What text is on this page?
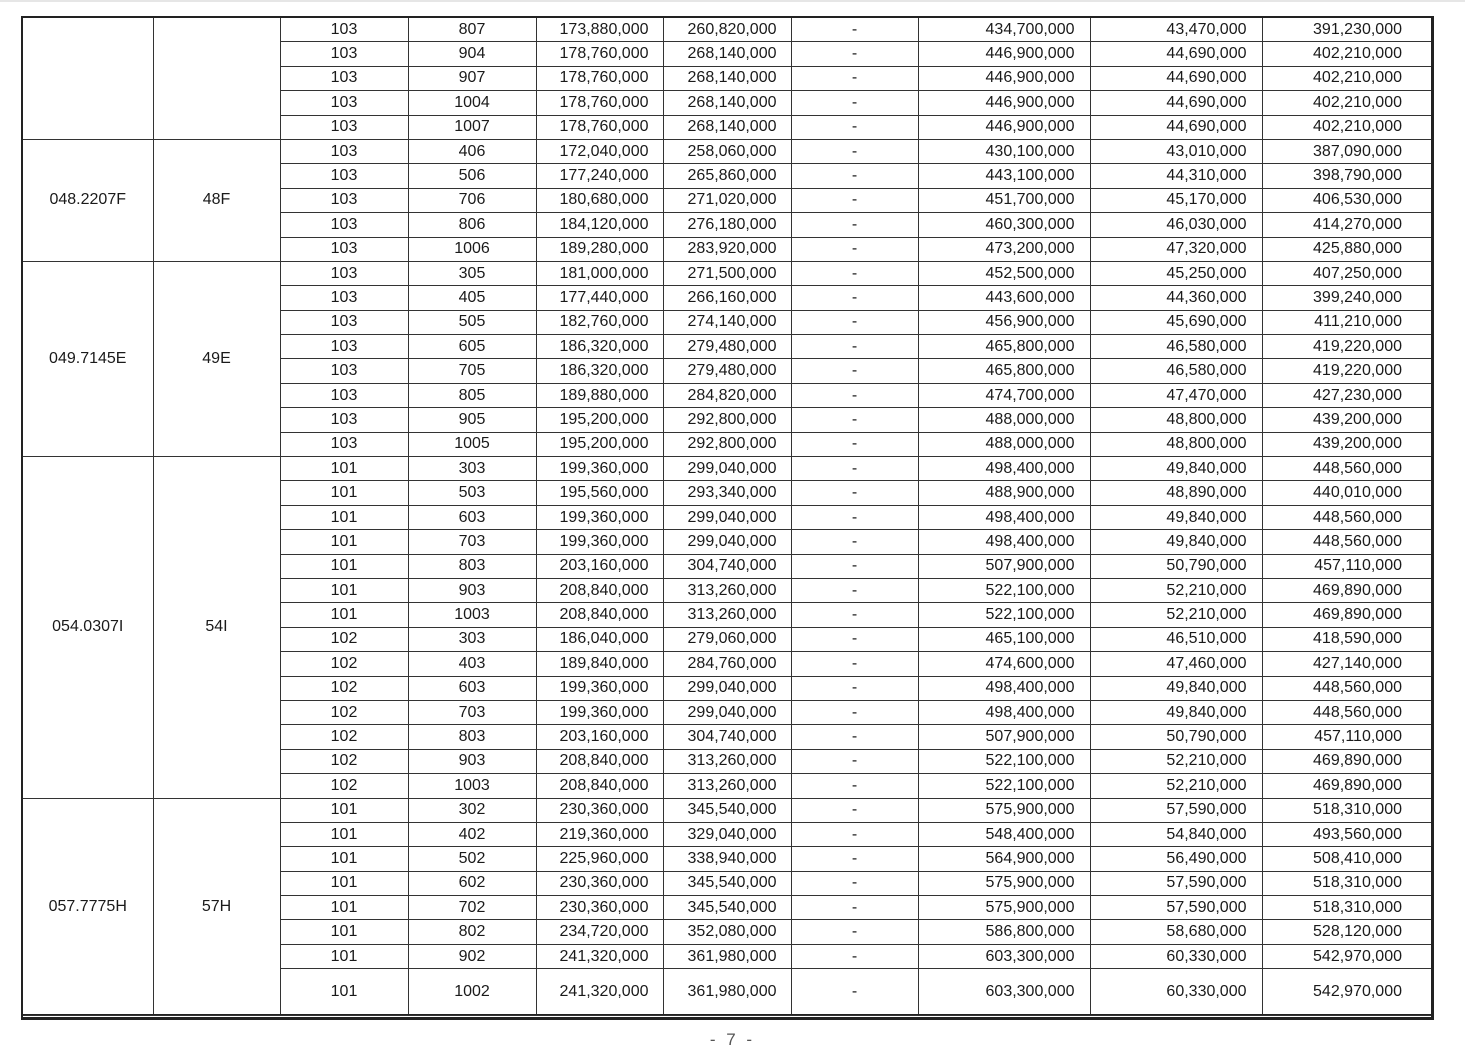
		103	807	173,880,000	260,820,000	-	434,700,000	43,470,000	391,230,000
		103	904	178,760,000	268,140,000	-	446,900,000	44,690,000	402,210,000
		103	907	178,760,000	268,140,000	-	446,900,000	44,690,000	402,210,000
		103	1004	178,760,000	268,140,000	-	446,900,000	44,690,000	402,210,000
		103	1007	178,760,000	268,140,000	-	446,900,000	44,690,000	402,210,000
048.2207F	48F	103	406	172,040,000	258,060,000	-	430,100,000	43,010,000	387,090,000
		103	506	177,240,000	265,860,000	-	443,100,000	44,310,000	398,790,000
		103	706	180,680,000	271,020,000	-	451,700,000	45,170,000	406,530,000
		103	806	184,120,000	276,180,000	-	460,300,000	46,030,000	414,270,000
		103	1006	189,280,000	283,920,000	-	473,200,000	47,320,000	425,880,000
049.7145E	49E	103	305	181,000,000	271,500,000	-	452,500,000	45,250,000	407,250,000
		103	405	177,440,000	266,160,000	-	443,600,000	44,360,000	399,240,000
		103	505	182,760,000	274,140,000	-	456,900,000	45,690,000	411,210,000
		103	605	186,320,000	279,480,000	-	465,800,000	46,580,000	419,220,000
		103	705	186,320,000	279,480,000	-	465,800,000	46,580,000	419,220,000
		103	805	189,880,000	284,820,000	-	474,700,000	47,470,000	427,230,000
		103	905	195,200,000	292,800,000	-	488,000,000	48,800,000	439,200,000
		103	1005	195,200,000	292,800,000	-	488,000,000	48,800,000	439,200,000
054.0307I	54I	101	303	199,360,000	299,040,000	-	498,400,000	49,840,000	448,560,000
		101	503	195,560,000	293,340,000	-	488,900,000	48,890,000	440,010,000
		101	603	199,360,000	299,040,000	-	498,400,000	49,840,000	448,560,000
		101	703	199,360,000	299,040,000	-	498,400,000	49,840,000	448,560,000
		101	803	203,160,000	304,740,000	-	507,900,000	50,790,000	457,110,000
		101	903	208,840,000	313,260,000	-	522,100,000	52,210,000	469,890,000
		101	1003	208,840,000	313,260,000	-	522,100,000	52,210,000	469,890,000
		102	303	186,040,000	279,060,000	-	465,100,000	46,510,000	418,590,000
		102	403	189,840,000	284,760,000	-	474,600,000	47,460,000	427,140,000
		102	603	199,360,000	299,040,000	-	498,400,000	49,840,000	448,560,000
		102	703	199,360,000	299,040,000	-	498,400,000	49,840,000	448,560,000
		102	803	203,160,000	304,740,000	-	507,900,000	50,790,000	457,110,000
		102	903	208,840,000	313,260,000	-	522,100,000	52,210,000	469,890,000
		102	1003	208,840,000	313,260,000	-	522,100,000	52,210,000	469,890,000
057.7775H	57H	101	302	230,360,000	345,540,000	-	575,900,000	57,590,000	518,310,000
		101	402	219,360,000	329,040,000	-	548,400,000	54,840,000	493,560,000
		101	502	225,960,000	338,940,000	-	564,900,000	56,490,000	508,410,000
		101	602	230,360,000	345,540,000	-	575,900,000	57,590,000	518,310,000
		101	702	230,360,000	345,540,000	-	575,900,000	57,590,000	518,310,000
		101	802	234,720,000	352,080,000	-	586,800,000	58,680,000	528,120,000
		101	902	241,320,000	361,980,000	-	603,300,000	60,330,000	542,970,000
		101	1002	241,320,000	361,980,000	-	603,300,000	60,330,000	542,970,000
- 7 -
